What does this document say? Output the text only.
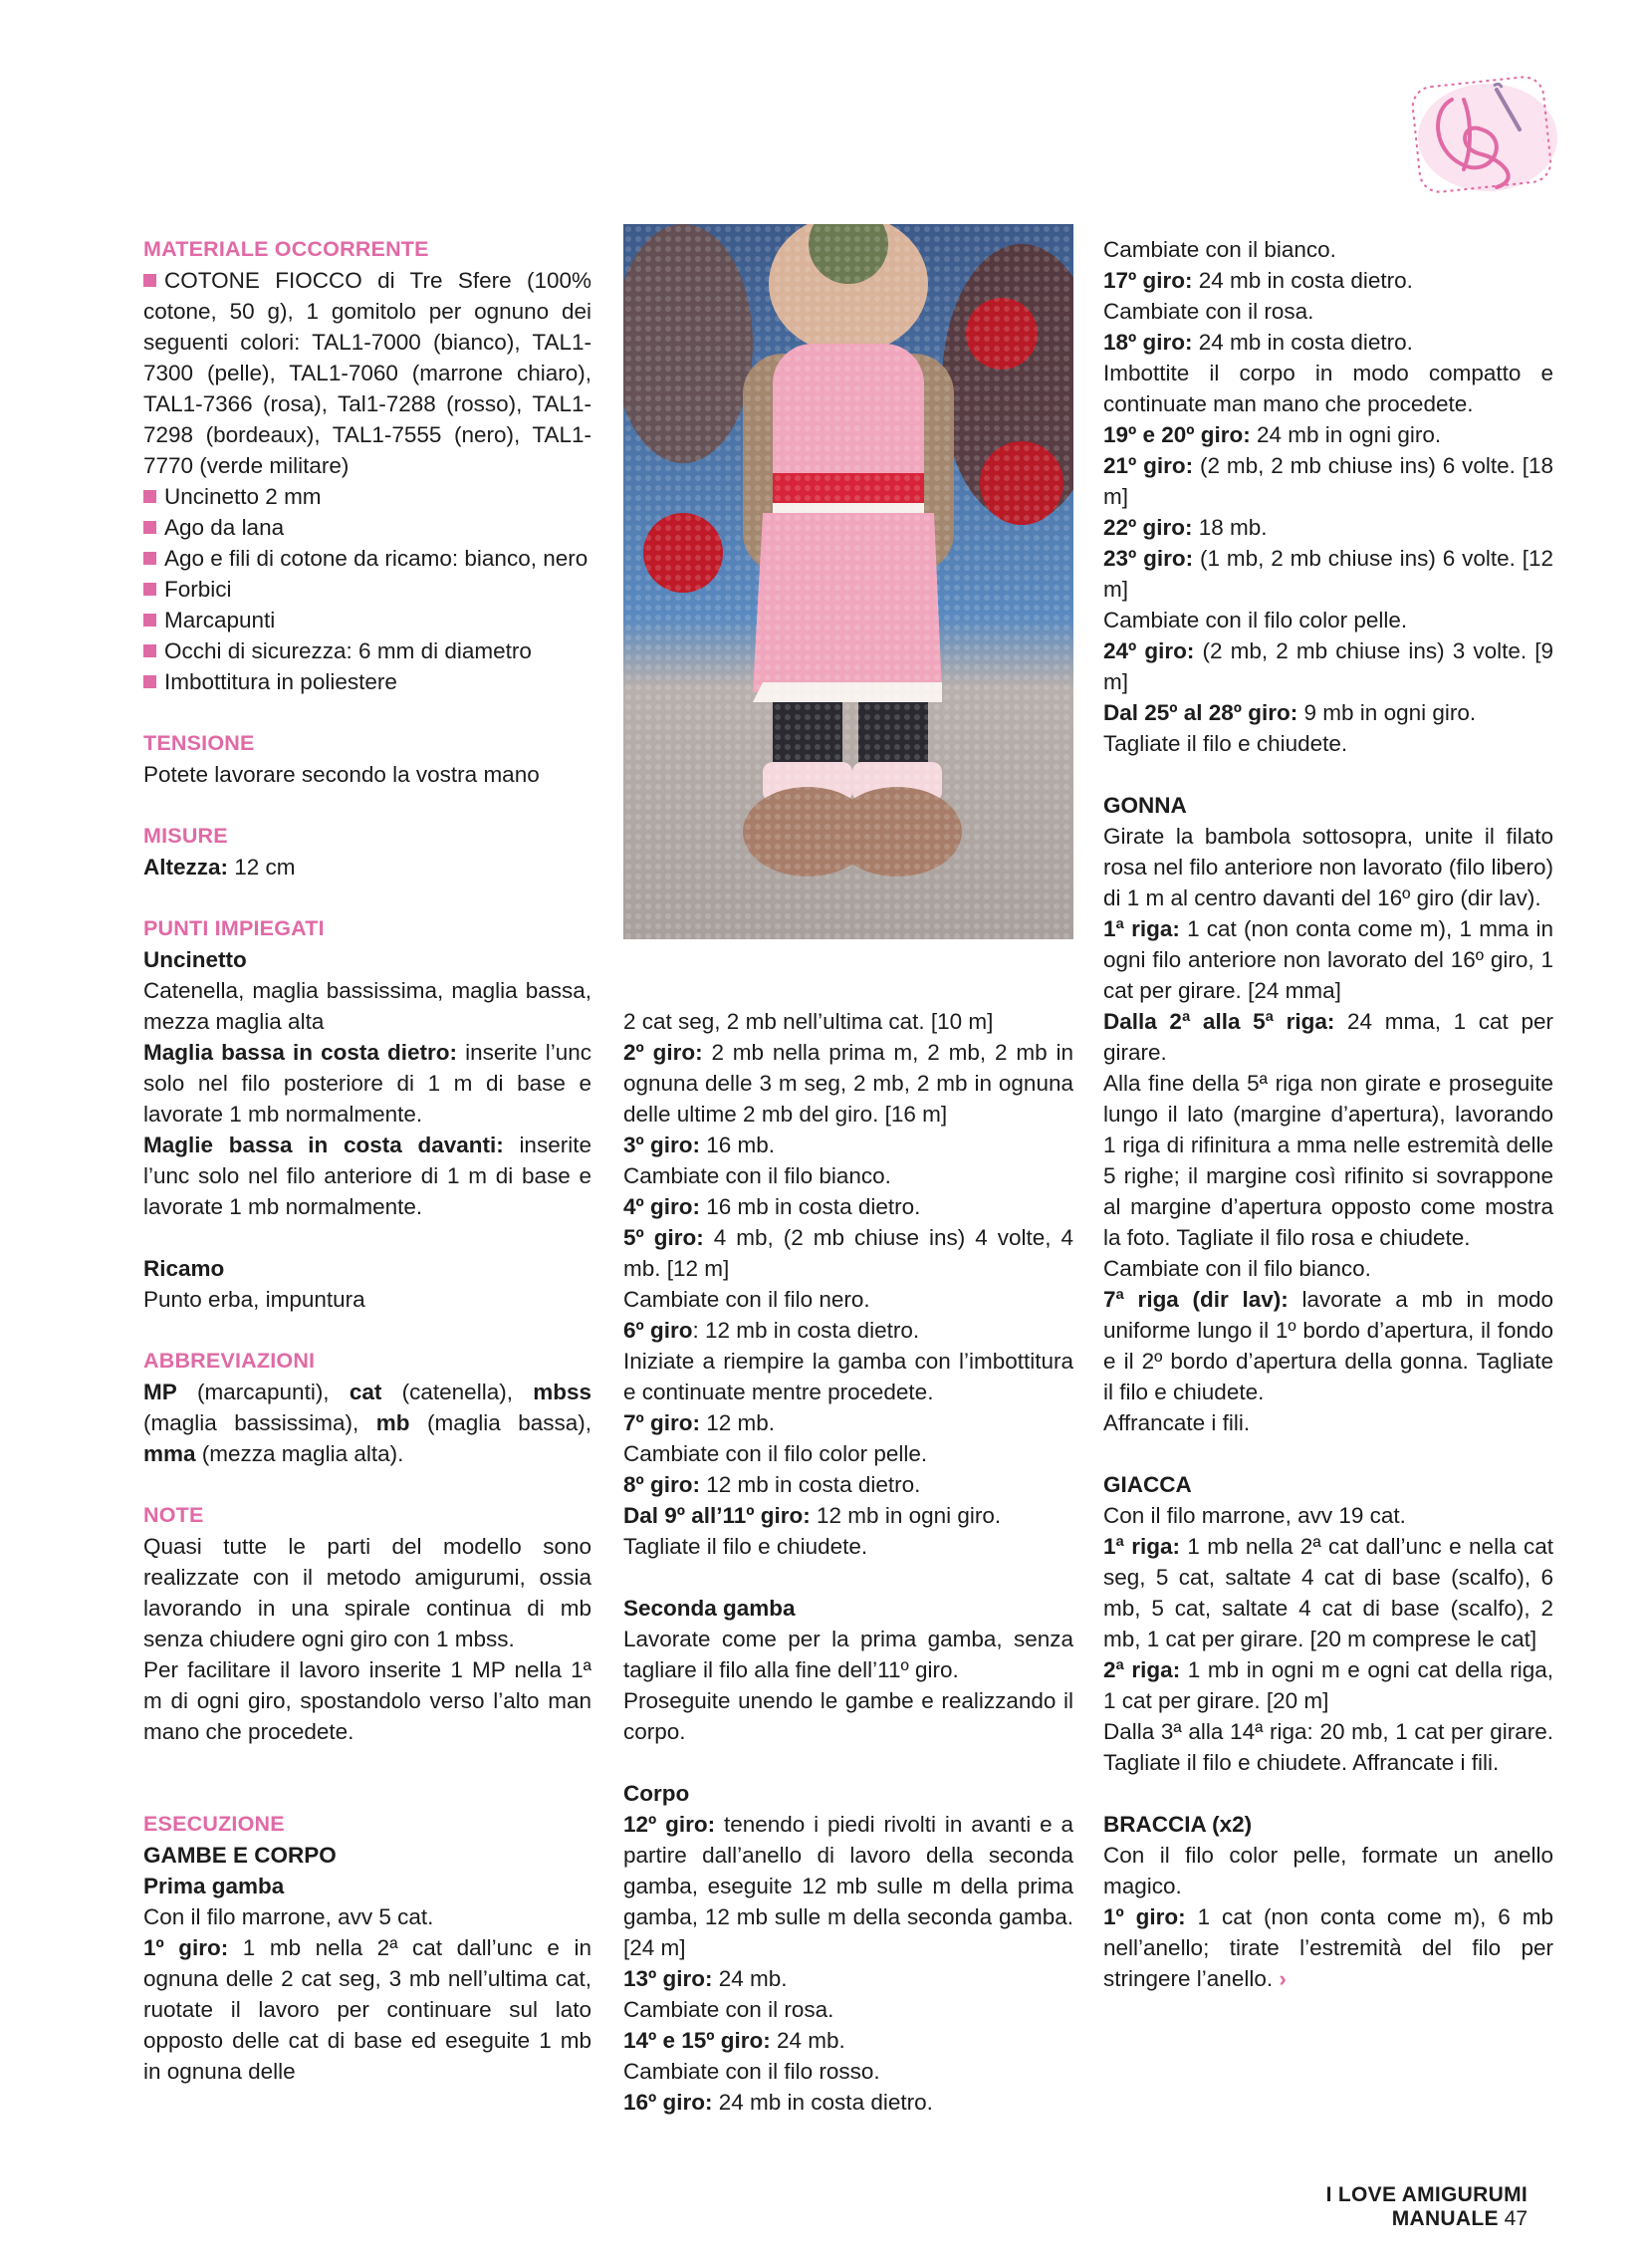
MATERIALE OCCORRENTE

COTONE FIOCCO di Tre Sfere (100% cotone, 50 g), 1 gomitolo per ognuno dei seguenti colori: TAL1-7000 (bianco), TAL1-7300 (pelle), TAL1-7060 (marrone chiaro), TAL1-7366 (rosa), Tal1-7288 (rosso), TAL1-7298 (bordeaux), TAL1-7555 (nero), TAL1-7770 (verde militare)

Uncinetto 2 mm

Ago da lana

Ago e fili di cotone da ricamo: bianco, nero

Forbici

Marcapunti

Occhi di sicurezza: 6 mm di diametro

Imbottitura in poliestere

TENSIONE

Potete lavorare secondo la vostra mano

MISURE

Altezza: 12 cm

PUNTI IMPIEGATI

Uncinetto

Catenella, maglia bassissima, maglia bassa, mezza maglia alta

Maglia bassa in costa dietro: inserite l’unc solo nel filo posteriore di 1 m di base e lavorate 1 mb normalmente.

Maglie bassa in costa davanti: inserite l’unc solo nel filo anteriore di 1 m di base e lavorate 1 mb normalmente.

Ricamo

Punto erba, impuntura

ABBREVIAZIONI

MP (marcapunti), cat (catenella), mbss (maglia bassissima), mb (maglia bassa), mma (mezza maglia alta).

NOTE

Quasi tutte le parti del modello sono realizzate con il metodo amigurumi, ossia lavorando in una spirale continua di mb senza chiudere ogni giro con 1 mbss.

Per facilitare il lavoro inserite 1 MP nella 1ª m di ogni giro, spostandolo verso l’alto man mano che procedete.

ESECUZIONE

GAMBE E CORPO

Prima gamba

Con il filo marrone, avv 5 cat.

1º giro: 1 mb nella 2ª cat dall’unc e in ognuna delle 2 cat seg, 3 mb nell’ultima cat, ruotate il lavoro per continuare sul lato opposto delle cat di base ed eseguite 1 mb in ognuna delle

2 cat seg, 2 mb nell’ultima cat. [10 m]

2º giro: 2 mb nella prima m, 2 mb, 2 mb in ognuna delle 3 m seg, 2 mb, 2 mb in ognuna delle ultime 2 mb del giro. [16 m]

3º giro: 16 mb.

Cambiate con il filo bianco.

4º giro: 16 mb in costa dietro.

5º giro: 4 mb, (2 mb chiuse ins) 4 volte, 4 mb. [12 m]

Cambiate con il filo nero.

6º giro: 12 mb in costa dietro.

Iniziate a riempire la gamba con l’imbottitura e continuate mentre procedete.

7º giro: 12 mb.

Cambiate con il filo color pelle.

8º giro: 12 mb in costa dietro.

Dal 9º all’11º giro: 12 mb in ogni giro.

Tagliate il filo e chiudete.

Seconda gamba

Lavorate come per la prima gamba, senza tagliare il filo alla fine dell’11º giro.

Proseguite unendo le gambe e realizzando il corpo.

Corpo

12º giro: tenendo i piedi rivolti in avanti e a partire dall’anello di lavoro della seconda gamba, eseguite 12 mb sulle m della prima gamba, 12 mb sulle m della seconda gamba. [24 m]

13º giro: 24 mb.

Cambiate con il rosa.

14º e 15º giro: 24 mb.

Cambiate con il filo rosso.

16º giro: 24 mb in costa dietro.

Cambiate con il bianco.

17º giro: 24 mb in costa dietro.

Cambiate con il rosa.

18º giro: 24 mb in costa dietro.

Imbottite il corpo in modo compatto e continuate man mano che procedete.

19º e 20º giro: 24 mb in ogni giro.

21º giro: (2 mb, 2 mb chiuse ins) 6 volte. [18 m]

22º giro: 18 mb.

23º giro: (1 mb, 2 mb chiuse ins) 6 volte. [12 m]

Cambiate con il filo color pelle.

24º giro: (2 mb, 2 mb chiuse ins) 3 volte. [9 m]

Dal 25º al 28º giro: 9 mb in ogni giro.

Tagliate il filo e chiudete.

GONNA

Girate la bambola sottosopra, unite il filato rosa nel filo anteriore non lavorato (filo libero) di 1 m al centro davanti del 16º giro (dir lav).

1ª riga: 1 cat (non conta come m), 1 mma in ogni filo anteriore non lavorato del 16º giro, 1 cat per girare. [24 mma]

Dalla 2ª alla 5ª riga: 24 mma, 1 cat per girare.

Alla fine della 5ª riga non girate e proseguite lungo il lato (margine d’apertura), lavorando 1 riga di rifinitura a mma nelle estremità delle 5 righe; il margine così rifinito si sovrappone al margine d’apertura opposto come mostra la foto. Tagliate il filo rosa e chiudete.

Cambiate con il filo bianco.

7ª riga (dir lav): lavorate a mb in modo uniforme lungo il 1º bordo d’apertura, il fondo e il 2º bordo d’apertura della gonna. Tagliate il filo e chiudete.

Affrancate i fili.

GIACCA

Con il filo marrone, avv 19 cat.

1ª riga: 1 mb nella 2ª cat dall’unc e nella cat seg, 5 cat, saltate 4 cat di base (scalfo), 6 mb, 5 cat, saltate 4 cat di base (scalfo), 2 mb, 1 cat per girare. [20 m comprese le cat]

2ª riga: 1 mb in ogni m e ogni cat della riga, 1 cat per girare. [20 m]

Dalla 3ª alla 14ª riga: 20 mb, 1 cat per girare. Tagliate il filo e chiudete. Affrancate i fili.

BRACCIA (x2)

Con il filo color pelle, formate un anello magico.

1º giro: 1 cat (non conta come m), 6 mb nell’anello; tirate l’estremità del filo per stringere l’anello. ›

I LOVE AMIGURUMI MANUALE 47
